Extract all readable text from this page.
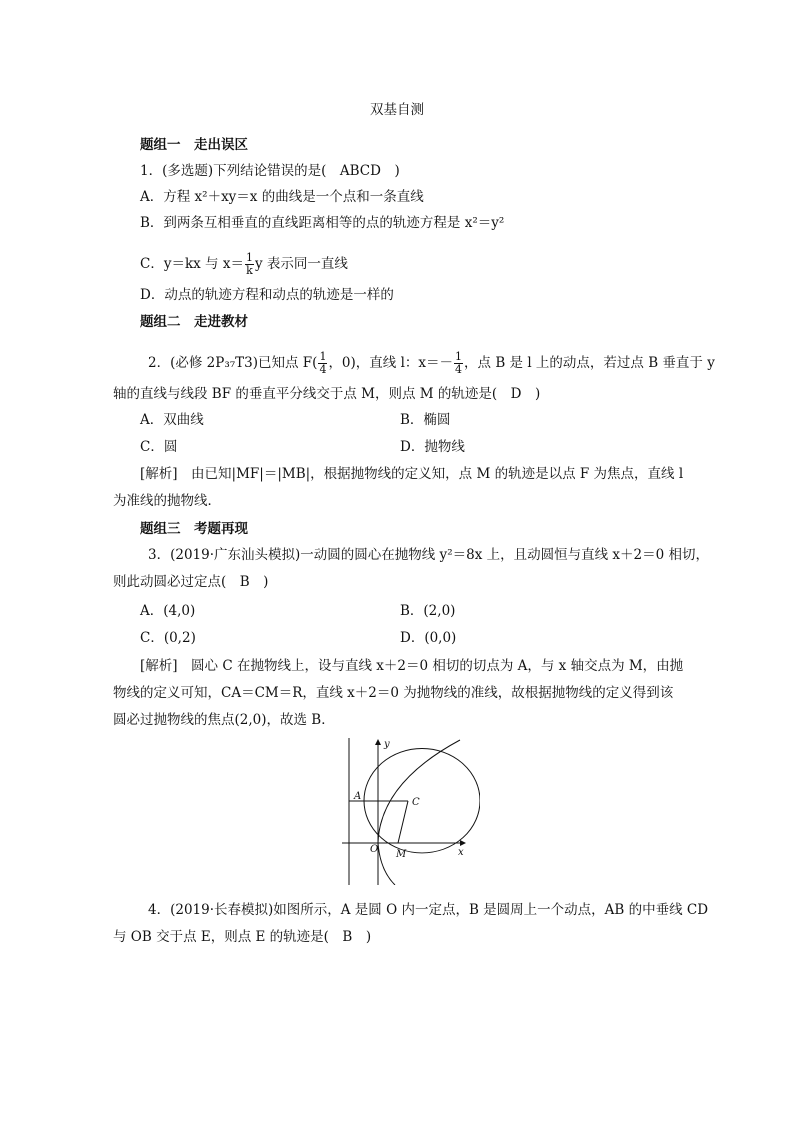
双基自测
题组一　走出误区
1．(多选题)下列结论错误的是(　ABCD　)
A．方程 x²＋xy＝x 的曲线是一个点和一条直线
B．到两条互相垂直的直线距离相等的点的轨迹方程是 x²＝y²
C．y＝kx 与 $x= \frac{1}{k}$ y 表示同一直线
D．动点的轨迹方程和动点的轨迹是一样的
题组二　走进教材
2．(必修 2P₃₇T3)已知点 $F( \frac{1}{4}$ ，0)，直线 l：$x=- \frac{1}{4}$ ，点 B 是 l 上的动点，若过点 B 垂直于 y
轴的直线与线段 BF 的垂直平分线交于点 M，则点 M 的轨迹是(　D　)
A．双曲线	B．椭圆
C．圆	D．抛物线
[解析]　由已知|MF|＝|MB|，根据抛物线的定义知，点 M 的轨迹是以点 F 为焦点，直线 l
为准线的抛物线．
题组三　考题再现
3．(2019·广东汕头模拟)一动圆的圆心在抛物线 y²＝8x 上，且动圆恒与直线 x＋2＝0 相切，
则此动圆必过定点(　B　)
A．(4,0)	B．(2,0)
C．(0,2)	D．(0,0)
[解析]　圆心 C 在抛物线上，设与直线 x＋2＝0 相切的切点为 A，与 x 轴交点为 M，由抛
物线的定义可知，CA＝CM＝R，直线 x＋2＝0 为抛物线的准线，故根据抛物线的定义得到该
圆必过抛物线的焦点(2,0)，故选 B．
A
C
O M	x
y
4．(2019·长春模拟)如图所示，A 是圆 O 内一定点，B 是圆周上一个动点，AB 的中垂线 CD
与 OB 交于点 E，则点 E 的轨迹是(　B　)
